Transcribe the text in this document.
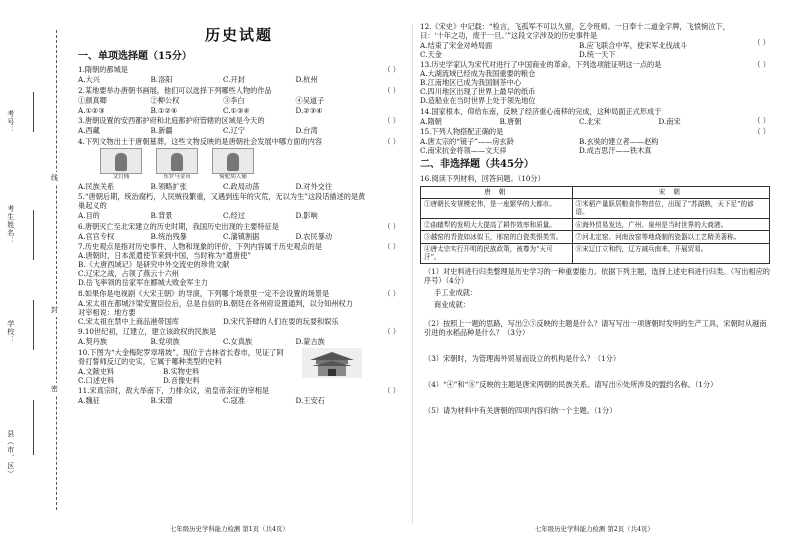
考号：
考生姓名：
学校：
县（市、区）
密
封
线
历史试题
一、单项选择题（15分）
1.隋朝的都城是	（ ）
A.大兴	B.洛阳	C.开封	D.杭州
2.某地要举办唐朝书画展，他们可以选择下列哪些人物的作品	（ ）
①颜真卿	②柳公权	③李白	④吴道子
A.①②③	B.①②④	C.①③④	D.②③④
3.唐朝设置的安西都护府和北庭都护府管辖的区域是今天的	（ ）
A.西藏	B.新疆	C.辽宁	D.台湾
4.下列文物出土于唐朝墓葬，这些文物反映的是唐朝社会发展中哪方面的内容	（ ）
文官俑	东罗马金币	骑驼胡人俑
A.民族关系	B.领略扩张	C.政局动荡	D.对外交往
5.“唐朝后期，统治腐朽，人民贼役繁重，又遇到连年的灾荒，无以为生”这段话描述的是黄巢起义的
A.目的	B.背景	C.经过	D.影响
6.唐朝灭亡至北宋建立的历史时期，我国历史出现的主要特征是	（ ）
A.官官专权	B.统治残暴	C.藩镇割据	D.农民暴动
7.历史观点是指对历史事件、人物和现象的评价，下列内容属于历史观点的是	（ ）
A.唐朝时，日本派遣使节来到中国，当时称为“遣唐使”
B.《大唐西域记》是研究中外交流史的珍贵文献
C.辽宋之战，占领了燕云十六州
D.岳飞率领的岳家军在郾城大败金军主力
8.如果你是电视剧《大宋王朝》的导演，下列哪个场景里一定不会设置的场景是	（ ）
A.宋太祖在都城汴梁安置臣位后，总是自信的对宰相说：地方要
B.朝廷在各州府设置通判，以分知州权力
C.宋太祖在禁中上商品港带国库	D.宋代茶肆的人们在耍的玩耍和娱乐
9.10世纪初，辽建立，建立该政权的民族是	（ ）
A.契丹族	B.党项族	C.女真族	D.蒙古族
10.下图为“大金梅陀罗窣堵坡”，现位于吉林省长春市，见证了阿骨打誓师反辽的史实，它属于哪种类型的史料
A.文献史料	B.实物史料
C.口述史料	D.音像史料
11.宋真宗时，敌大举南下，力排众议，劝皇帝亲征的宰相是	（ ）
A.魏征	B.宋璟	C.寇准	D.王安石
七年级历史学科能力检测 第1页（共4页）
12.《宋史》中记载：“检言，飞孤军不可以久留，乞令班师。一日奉十二道金字牌，飞愤惋泣下，曰：‘十年之功，废于一旦。’”这段文字涉及的历史事件是
（ ）
A.结束了宋金对峙局面	B.应飞联合中军，使宋军北伐战斗
C.天金	D.统一天下
13.历史学家认为宋代对进行了中国商业的革命，下列选项能证明这一点的是	（ ）
A.大湖流域已经成为我国重要的粮仓
B.江南地区已成为我国制茶中心
C.四川地区出现了世界上最早的纸币
D.造船业在当时世界上处于领先地位
14.国家根本，仰给东南，反映了经济重心南移的完成，这种局面正式形成于
（ ）
A.隋朝	B.唐朝	C.北宋	D.南宋
15.下列人物搭配正确的是	（ ）
A.唐太宗的“镜子”——房玄龄	B.玄奘的建立者——赵构
C.南宋抗金将领——文天祥	D.成吉思汗——铁木真
二、非选择题（共45分）
16.阅读下列材料，回答问题。（10分）
唐 朝	宋 朝
①唐朝长安规模宏伟，是一座繁华的大都市。	⑤米稻产量跃居粮食作物首位，出现了“苏湖熟，天下足”的谚语。
②曲辕犁的发明大大提高了耕作效率和质量。	⑥海外贸易发达，广州、泉州是当时世界的大商港。
③越窑的青瓷如冰似玉，邢窑的白瓷类银类雪。	⑦河北定窑、河南汝窑等地烧制的瓷器以工艺精美著称。
④唐太宗实行开明的民族政策，被尊为“天可汗”。	⑧宋辽订立和约，辽方减兵南来，开展贸易。
（1）对史料进行归类整理是历史学习的一种重要能力。依据下列主题，选择上述史料进行归类。（写出相应的序号）（4分）
手工业成就：
商业成就：
（2）按照上一题的思路，写出②⑤反映的主题是什么？请写写出一项唐朝时发明的生产工具，宋朝时从越南引进的水稻品种是什么？（3分）
（3）宋朝时，为管理海外贸易而设立的机构是什么？（1分）
（4）“④”和“⑧”反映的主题是唐宋两朝的民族关系。请写出⑥处所涉及的盟约名称。（1分）
（5）请为材料中有关唐朝的四项内容归纳一个主题。（1分）
七年级历史学科能力检测 第2页（共4页）
